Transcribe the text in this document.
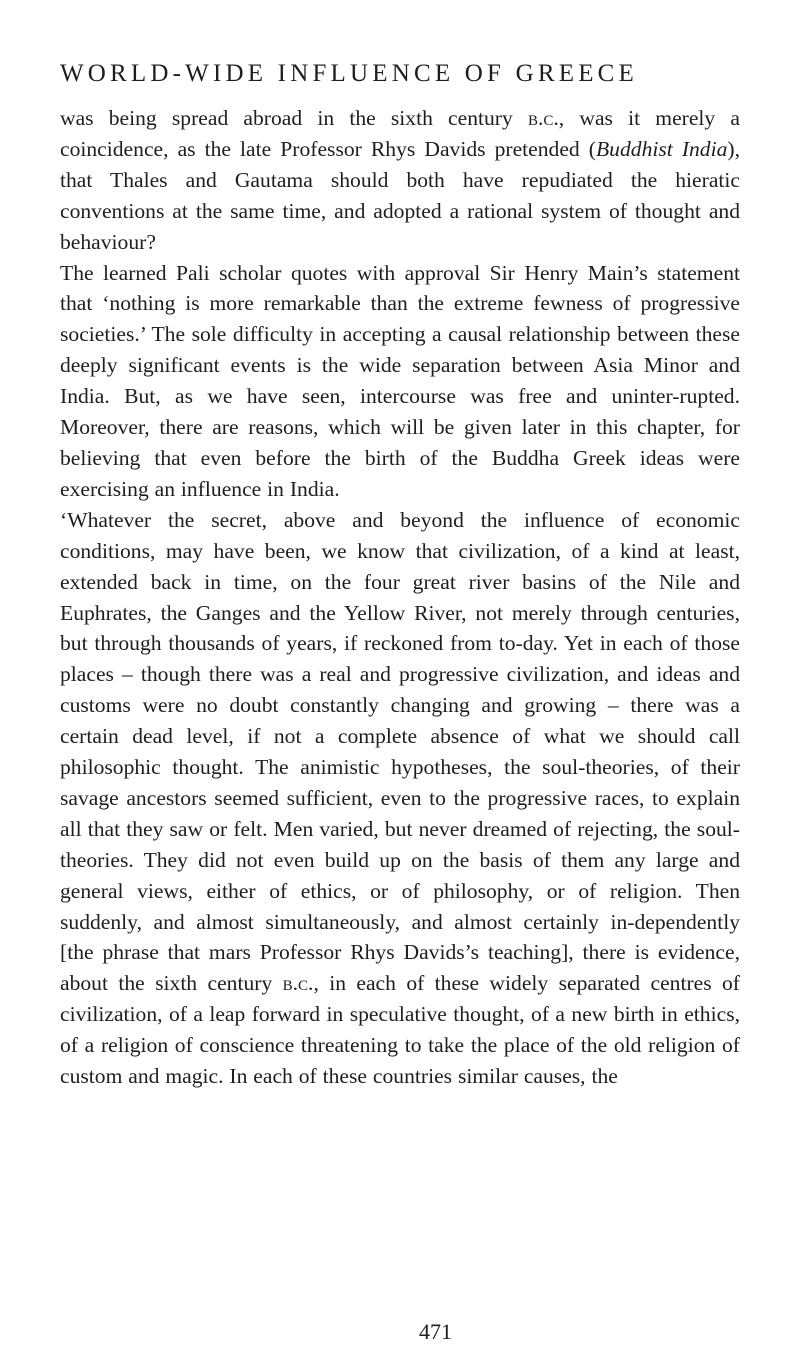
WORLD-WIDE INFLUENCE OF GREECE

was being spread abroad in the sixth century b.c., was it merely a coincidence, as the late Professor Rhys Davids pretended (Buddhist India), that Thales and Gautama should both have repudiated the hieratic conventions at the same time, and adopted a rational system of thought and behaviour?

The learned Pali scholar quotes with approval Sir Henry Main’s statement that ‘nothing is more remarkable than the extreme fewness of progressive societies.’ The sole difficulty in accepting a causal relationship between these deeply significant events is the wide separation between Asia Minor and India. But, as we have seen, intercourse was free and uninter-rupted. Moreover, there are reasons, which will be given later in this chapter, for believing that even before the birth of the Buddha Greek ideas were exercising an influence in India.

‘Whatever the secret, above and beyond the influence of economic conditions, may have been, we know that civilization, of a kind at least, extended back in time, on the four great river basins of the Nile and Euphrates, the Ganges and the Yellow River, not merely through centuries, but through thousands of years, if reckoned from to-day. Yet in each of those places – though there was a real and progressive civilization, and ideas and customs were no doubt constantly changing and growing – there was a certain dead level, if not a complete absence of what we should call philosophic thought. The animistic hypotheses, the soul-theories, of their savage ancestors seemed sufficient, even to the progressive races, to explain all that they saw or felt. Men varied, but never dreamed of rejecting, the soul-theories. They did not even build up on the basis of them any large and general views, either of ethics, or of philosophy, or of religion. Then suddenly, and almost simultaneously, and almost certainly in-dependently [the phrase that mars Professor Rhys Davids’s teaching], there is evidence, about the sixth century b.c., in each of these widely separated centres of civilization, of a leap forward in speculative thought, of a new birth in ethics, of a religion of conscience threatening to take the place of the old religion of custom and magic. In each of these countries similar causes, the

471
